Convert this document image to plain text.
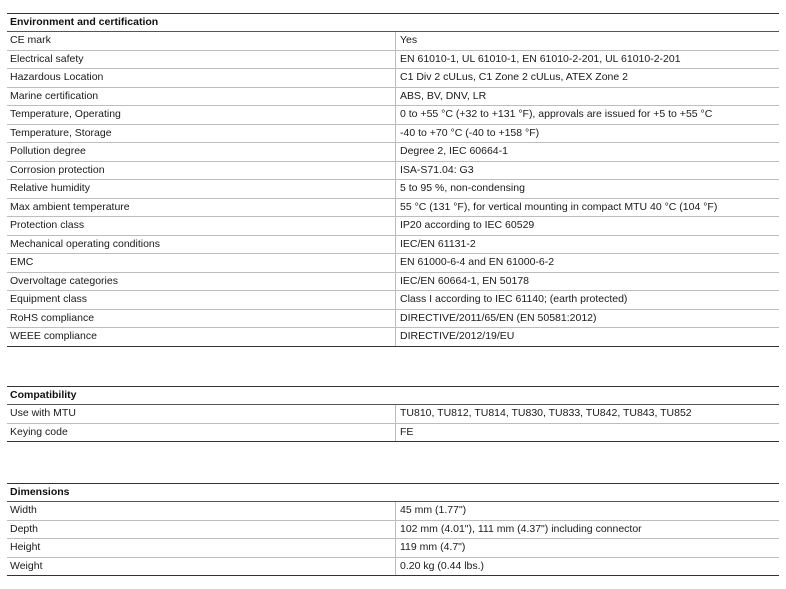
Environment and certification
CE mark	Yes
Electrical safety	EN 61010-1, UL 61010-1, EN 61010-2-201, UL 61010-2-201
Hazardous Location	C1 Div 2 cULus, C1 Zone 2 cULus, ATEX Zone 2
Marine certification	ABS, BV, DNV, LR
Temperature, Operating	0 to +55 °C (+32 to +131 °F), approvals are issued for +5 to +55 °C
Temperature, Storage	-40 to +70 °C (-40 to +158 °F)
Pollution degree	Degree 2, IEC 60664-1
Corrosion protection	ISA-S71.04: G3
Relative humidity	5 to 95 %, non-condensing
Max ambient temperature	55 °C (131 °F), for vertical mounting in compact MTU 40 °C (104 °F)
Protection class	IP20 according to IEC 60529
Mechanical operating conditions	IEC/EN 61131-2
EMC	EN 61000-6-4 and EN 61000-6-2
Overvoltage categories	IEC/EN 60664-1, EN 50178
Equipment class	Class I according to IEC 61140; (earth protected)
RoHS compliance	DIRECTIVE/2011/65/EN (EN 50581:2012)
WEEE compliance	DIRECTIVE/2012/19/EU
Compatibility
Use with MTU	TU810, TU812, TU814, TU830, TU833, TU842, TU843, TU852
Keying code	FE
Dimensions
Width	45 mm (1.77")
Depth	102 mm (4.01"), 111 mm (4.37") including connector
Height	119 mm (4.7")
Weight	0.20 kg (0.44 lbs.)
